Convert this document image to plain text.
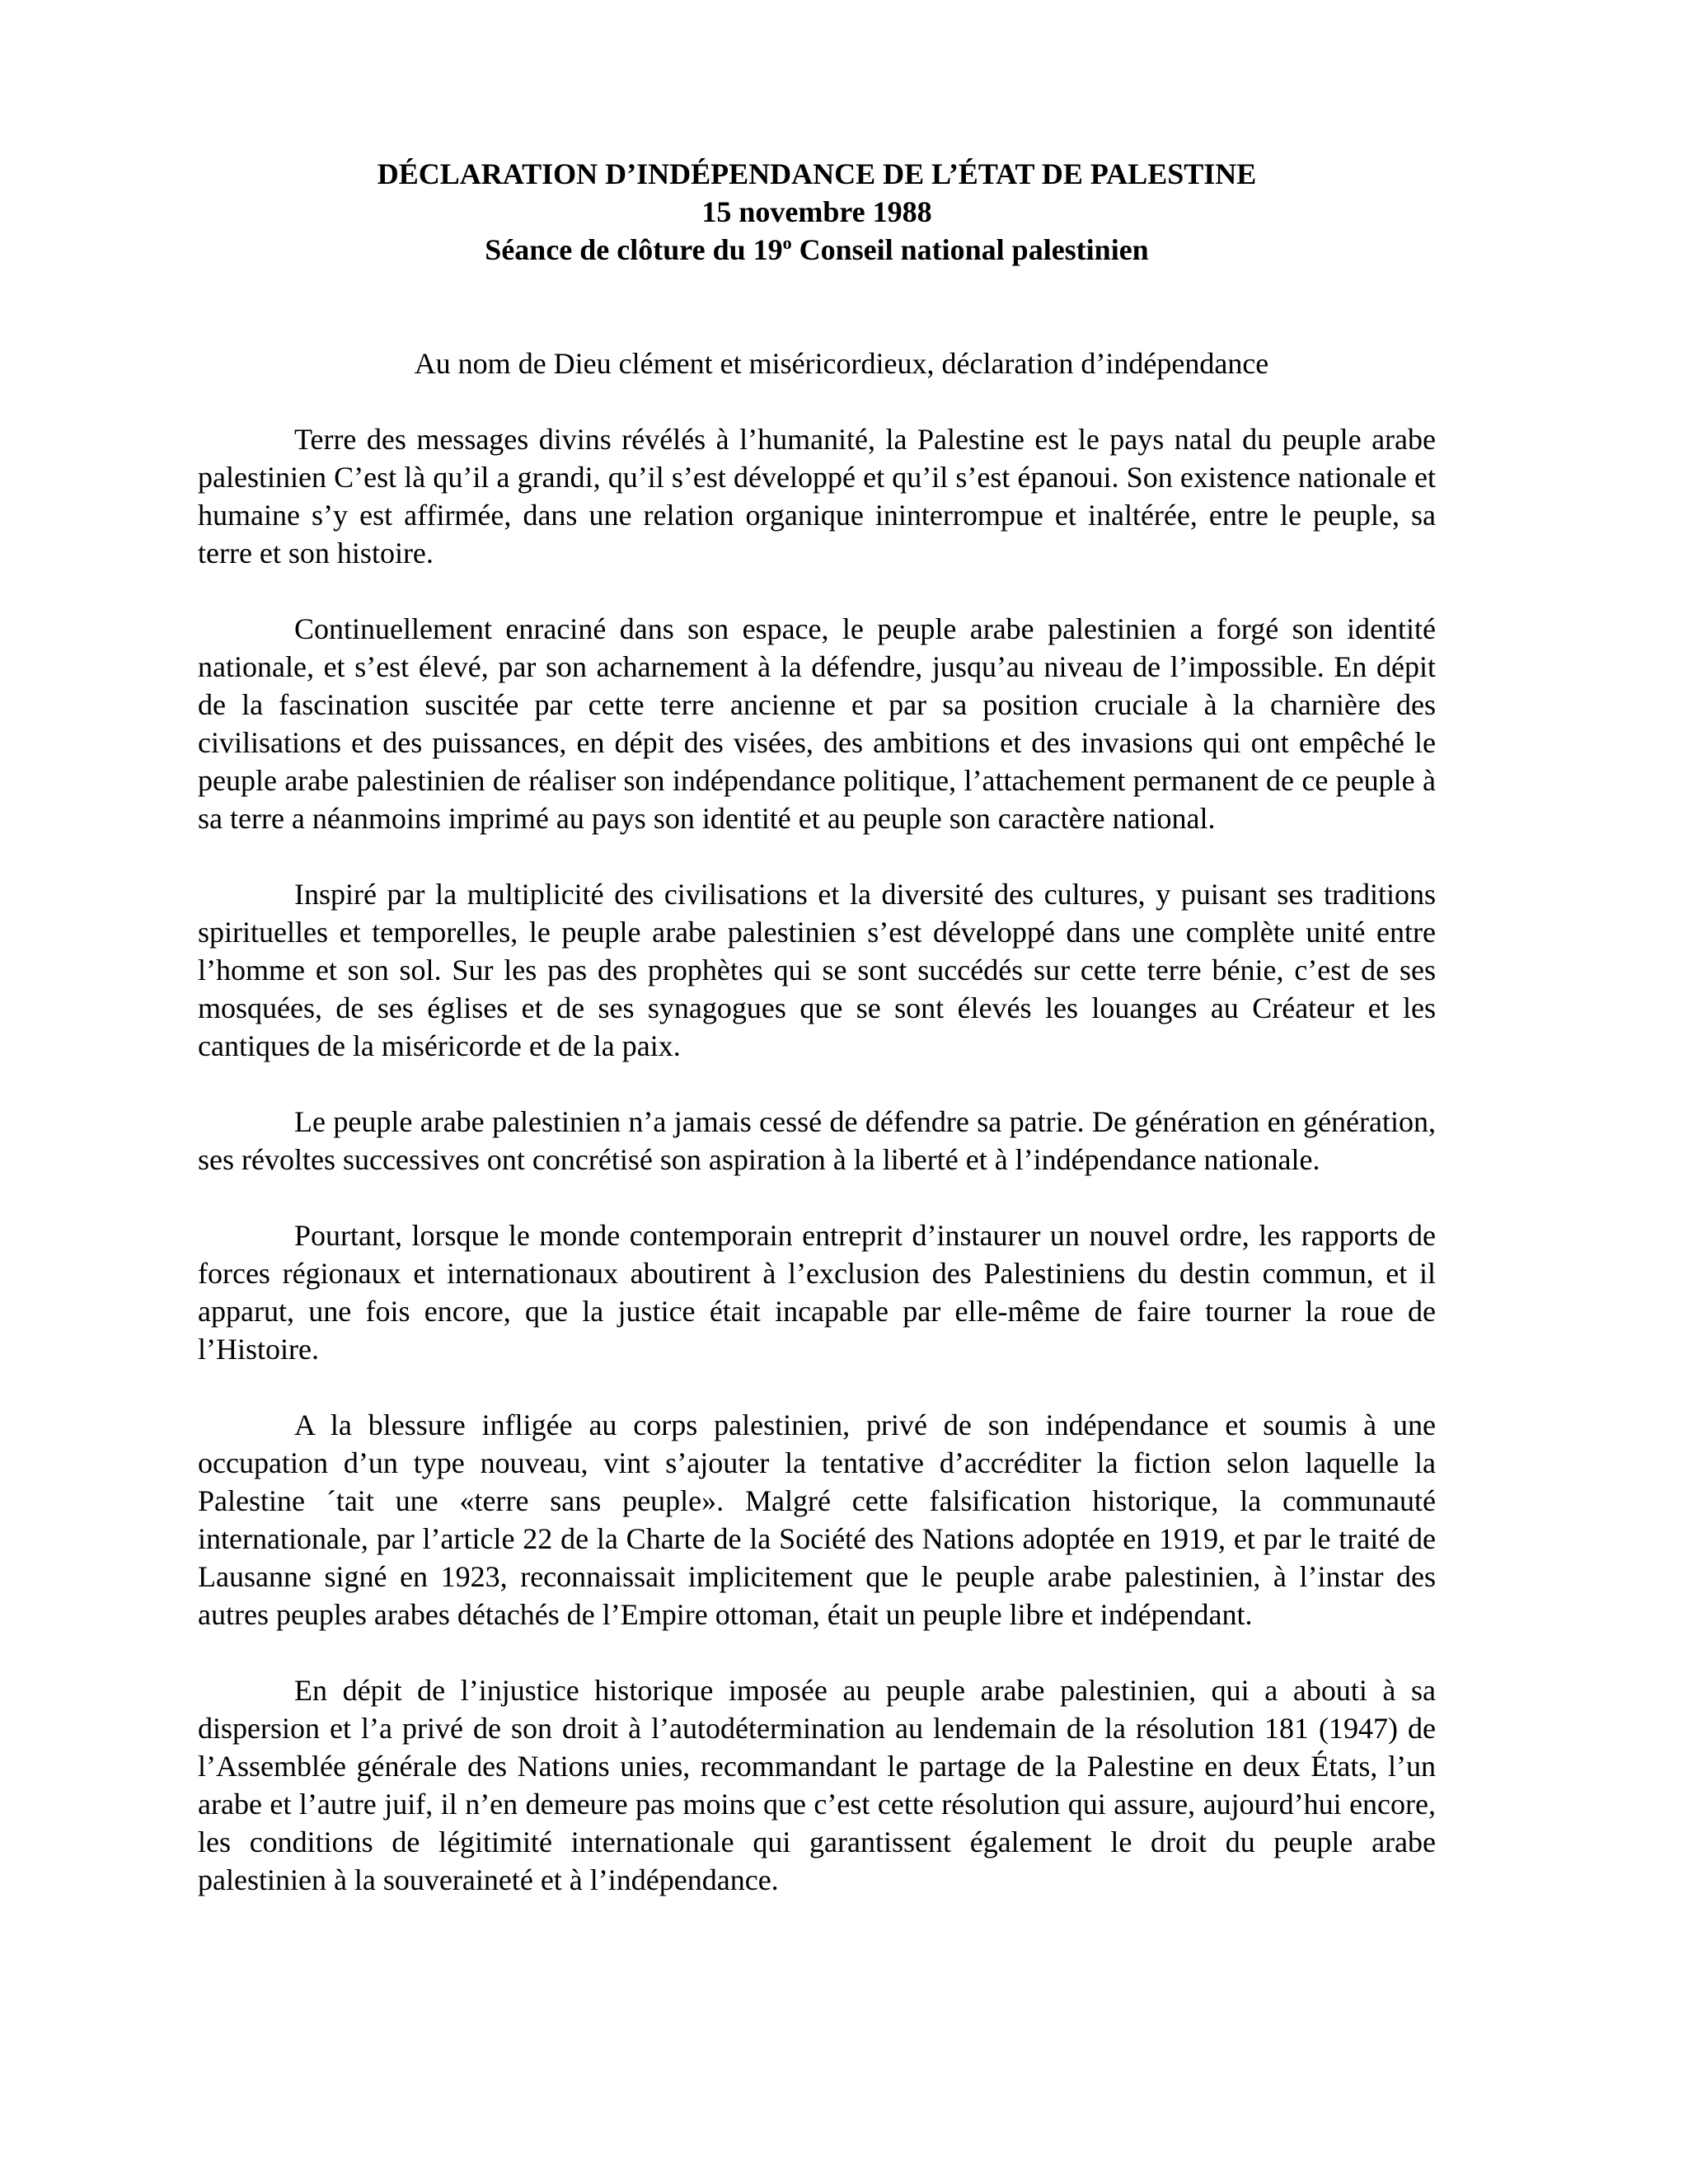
DÉCLARATION D’INDÉPENDANCE DE L’ÉTAT DE PALESTINE
15 novembre 1988
Séance de clôture du 19$^o$ Conseil national palestinien
Au nom de Dieu clément et miséricordieux, déclaration d’indépendance

Terre des messages divins révélés à l’humanité, la Palestine est le pays natal du peuple arabe palestinien C’est là qu’il a grandi, qu’il s’est développé et qu’il s’est épanoui. Son existence nationale et humaine s’y est affirmée, dans une relation organique ininterrompue et inaltérée, entre le peuple, sa terre et son histoire.

Continuellement enraciné dans son espace, le peuple arabe palestinien a forgé son identité nationale, et s’est élevé, par son acharnement à la défendre, jusqu’au niveau de l’impossible. En dépit de la fascination suscitée par cette terre ancienne et par sa position cruciale à la charnière des civilisations et des puissances, en dépit des visées, des ambitions et des invasions qui ont empêché le peuple arabe palestinien de réaliser son indépendance politique, l’attachement permanent de ce peuple à sa terre a néanmoins imprimé au pays son identité et au peuple son caractère national.

Inspiré par la multiplicité des civilisations et la diversité des cultures, y puisant ses traditions spirituelles et temporelles, le peuple arabe palestinien s’est développé dans une complète unité entre l’homme et son sol. Sur les pas des prophètes qui se sont succédés sur cette terre bénie, c’est de ses mosquées, de ses églises et de ses synagogues que se sont élevés les louanges au Créateur et les cantiques de la miséricorde et de la paix.

Le peuple arabe palestinien n’a jamais cessé de défendre sa patrie. De génération en génération, ses révoltes successives ont concrétisé son aspiration à la liberté et à l’indépendance nationale.

Pourtant, lorsque le monde contemporain entreprit d’instaurer un nouvel ordre, les rapports de forces régionaux et internationaux aboutirent à l’exclusion des Palestiniens du destin commun, et il apparut, une fois encore, que la justice était incapable par elle-même de faire tourner la roue de l’Histoire.

A la blessure infligée au corps palestinien, privé de son indépendance et soumis à une occupation d’un type nouveau, vint s’ajouter la tentative d’accréditer la fiction selon laquelle la Palestine ´tait une «terre sans peuple». Malgré cette falsification historique, la communauté internationale, par l’article 22 de la Charte de la Société des Nations adoptée en 1919, et par le traité de Lausanne signé en 1923, reconnaissait implicitement que le peuple arabe palestinien, à l’instar des autres peuples arabes détachés de l’Empire ottoman, était un peuple libre et indépendant.

En dépit de l’injustice historique imposée au peuple arabe palestinien, qui a abouti à sa dispersion et l’a privé de son droit à l’autodétermination au lendemain de la résolution 181 (1947) de l’Assemblée générale des Nations unies, recommandant le partage de la Palestine en deux États, l’un arabe et l’autre juif, il n’en demeure pas moins que c’est cette résolution qui assure, aujourd’hui encore, les conditions de légitimité internationale qui garantissent également le droit du peuple arabe palestinien à la souveraineté et à l’indépendance.
